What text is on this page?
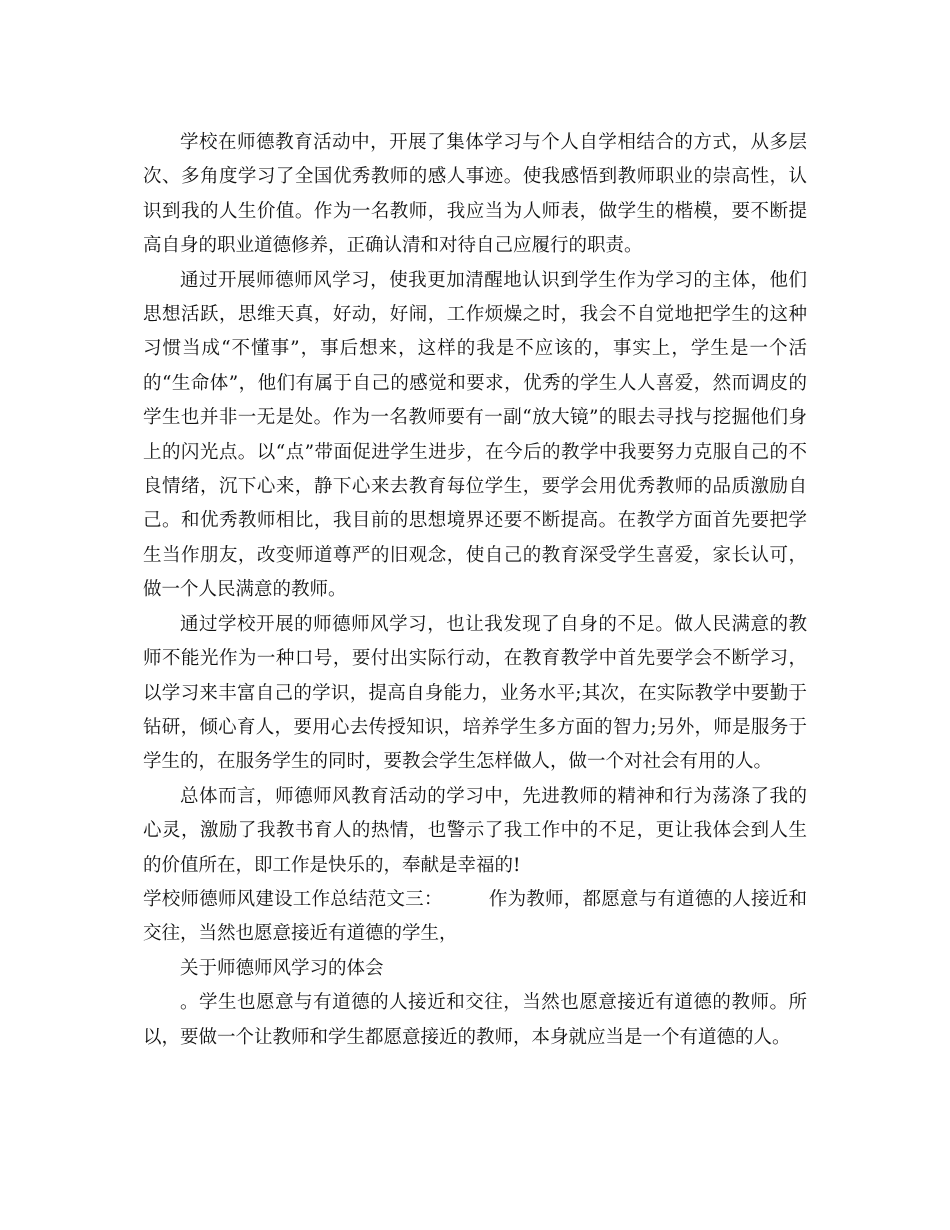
学校在师德教育活动中，开展了集体学习与个人自学相结合的方式，从多层次、多角度学习了全国优秀教师的感人事迹。使我感悟到教师职业的崇高性，认识到我的人生价值。作为一名教师，我应当为人师表，做学生的楷模，要不断提高自身的职业道德修养，正确认清和对待自己应履行的职责。

通过开展师德师风学习，使我更加清醒地认识到学生作为学习的主体，他们思想活跃，思维天真，好动，好闹，工作烦燥之时，我会不自觉地把学生的这种习惯当成“不懂事”，事后想来，这样的我是不应该的，事实上，学生是一个活的“生命体”，他们有属于自己的感觉和要求，优秀的学生人人喜爱，然而调皮的学生也并非一无是处。作为一名教师要有一副“放大镜”的眼去寻找与挖掘他们身上的闪光点。以“点”带面促进学生进步，在今后的教学中我要努力克服自己的不良情绪，沉下心来，静下心来去教育每位学生，要学会用优秀教师的品质激励自己。和优秀教师相比，我目前的思想境界还要不断提高。在教学方面首先要把学生当作朋友，改变师道尊严的旧观念，使自己的教育深受学生喜爱，家长认可，做一个人民满意的教师。

通过学校开展的师德师风学习，也让我发现了自身的不足。做人民满意的教师不能光作为一种口号，要付出实际行动，在教育教学中首先要学会不断学习，以学习来丰富自己的学识，提高自身能力，业务水平;其次，在实际教学中要勤于钻研，倾心育人，要用心去传授知识，培养学生多方面的智力;另外，师是服务于学生的，在服务学生的同时，要教会学生怎样做人，做一个对社会有用的人。

总体而言，师德师风教育活动的学习中，先进教师的精神和行为荡涤了我的心灵，激励了我教书育人的热情，也警示了我工作中的不足，更让我体会到人生的价值所在，即工作是快乐的，奉献是幸福的!

学校师德师风建设工作总结范文三： 作为教师，都愿意与有道德的人接近和交往，当然也愿意接近有道德的学生，

关于师德师风学习的体会

。学生也愿意与有道德的人接近和交往，当然也愿意接近有道德的教师。所以，要做一个让教师和学生都愿意接近的教师，本身就应当是一个有道德的人。
